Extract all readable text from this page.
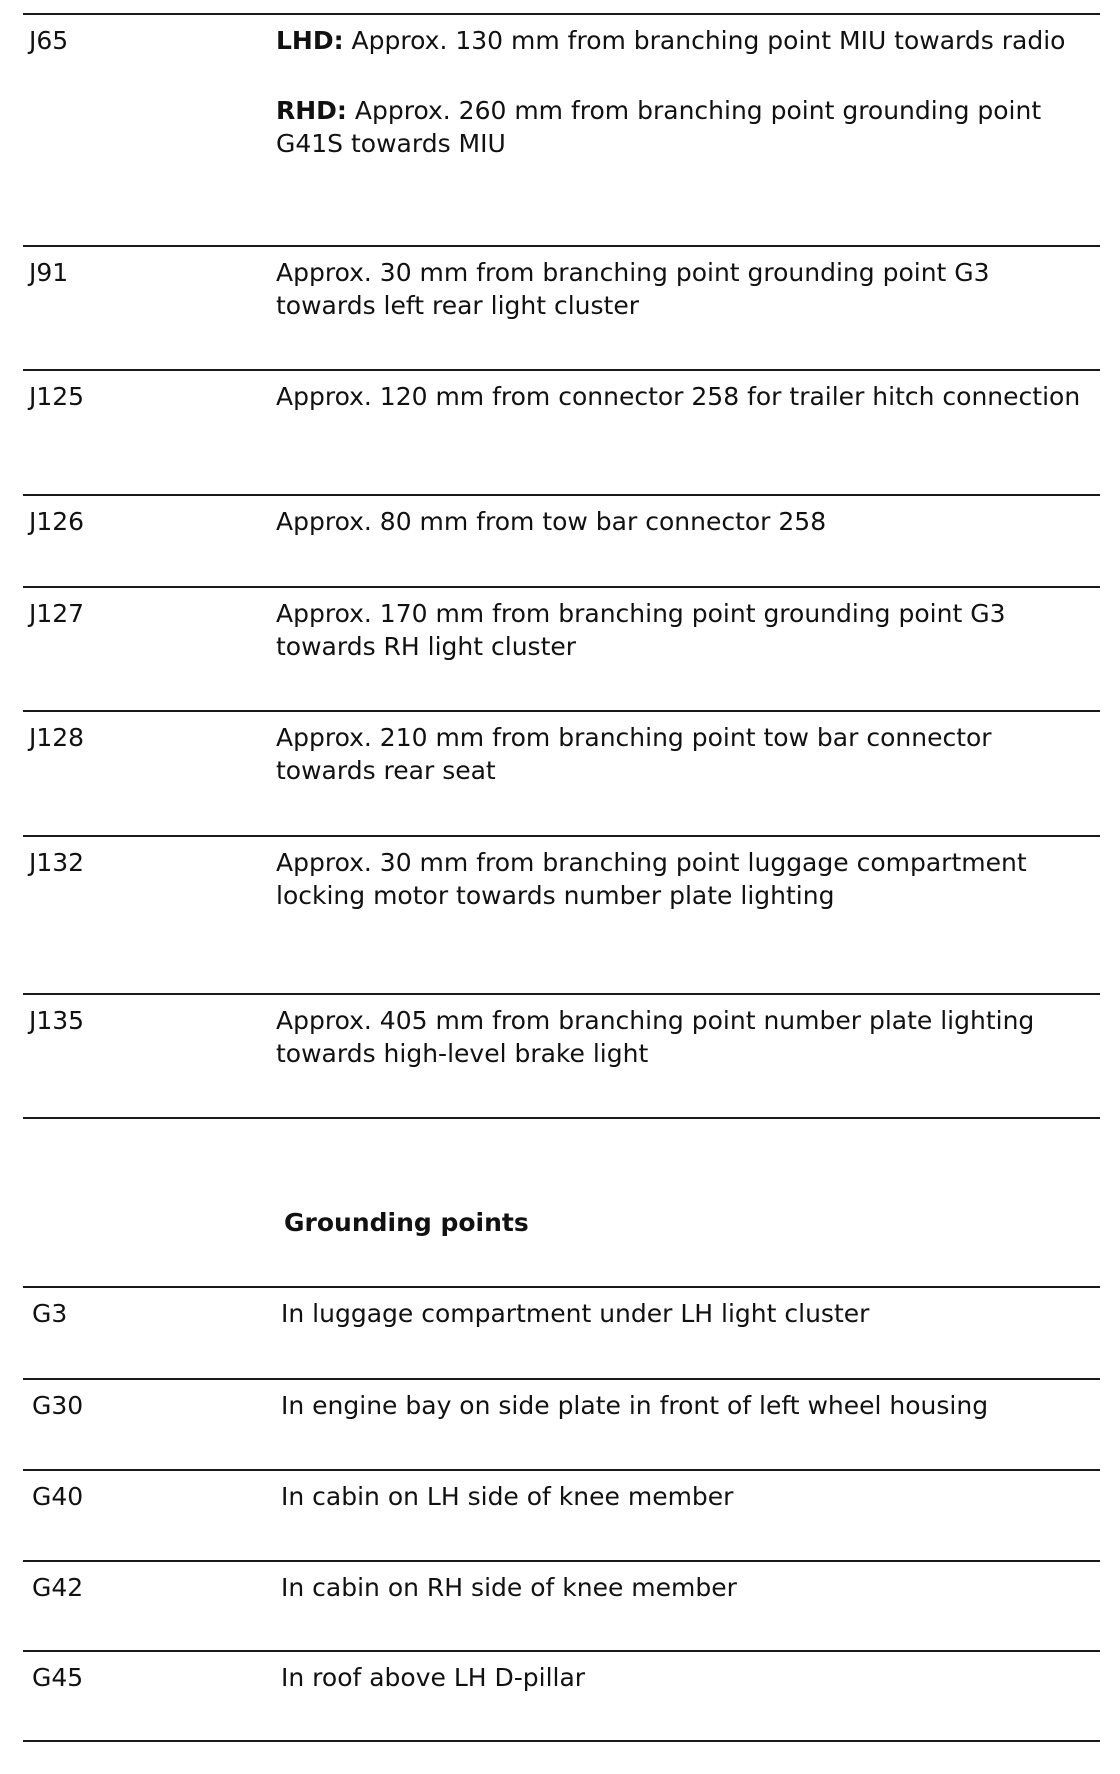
J65	LHD: Approx. 130 mm from branching point MIU towards radio

RHD: Approx. 260 mm from branching point grounding point G41S towards MIU

J91	Approx. 30 mm from branching point grounding point G3 towards left rear light cluster
J125	Approx. 120 mm from connector 258 for trailer hitch connection
J126	Approx. 80 mm from tow bar connector 258
J127	Approx. 170 mm from branching point grounding point G3 towards RH light cluster
J128	Approx. 210 mm from branching point tow bar connector towards rear seat
J132	Approx. 30 mm from branching point luggage compartment locking motor towards number plate lighting
J135	Approx. 405 mm from branching point number plate lighting towards high-level brake light
Grounding points
G3	In luggage compartment under LH light cluster
G30	In engine bay on side plate in front of left wheel housing
G40	In cabin on LH side of knee member
G42	In cabin on RH side of knee member
G45	In roof above LH D-pillar
